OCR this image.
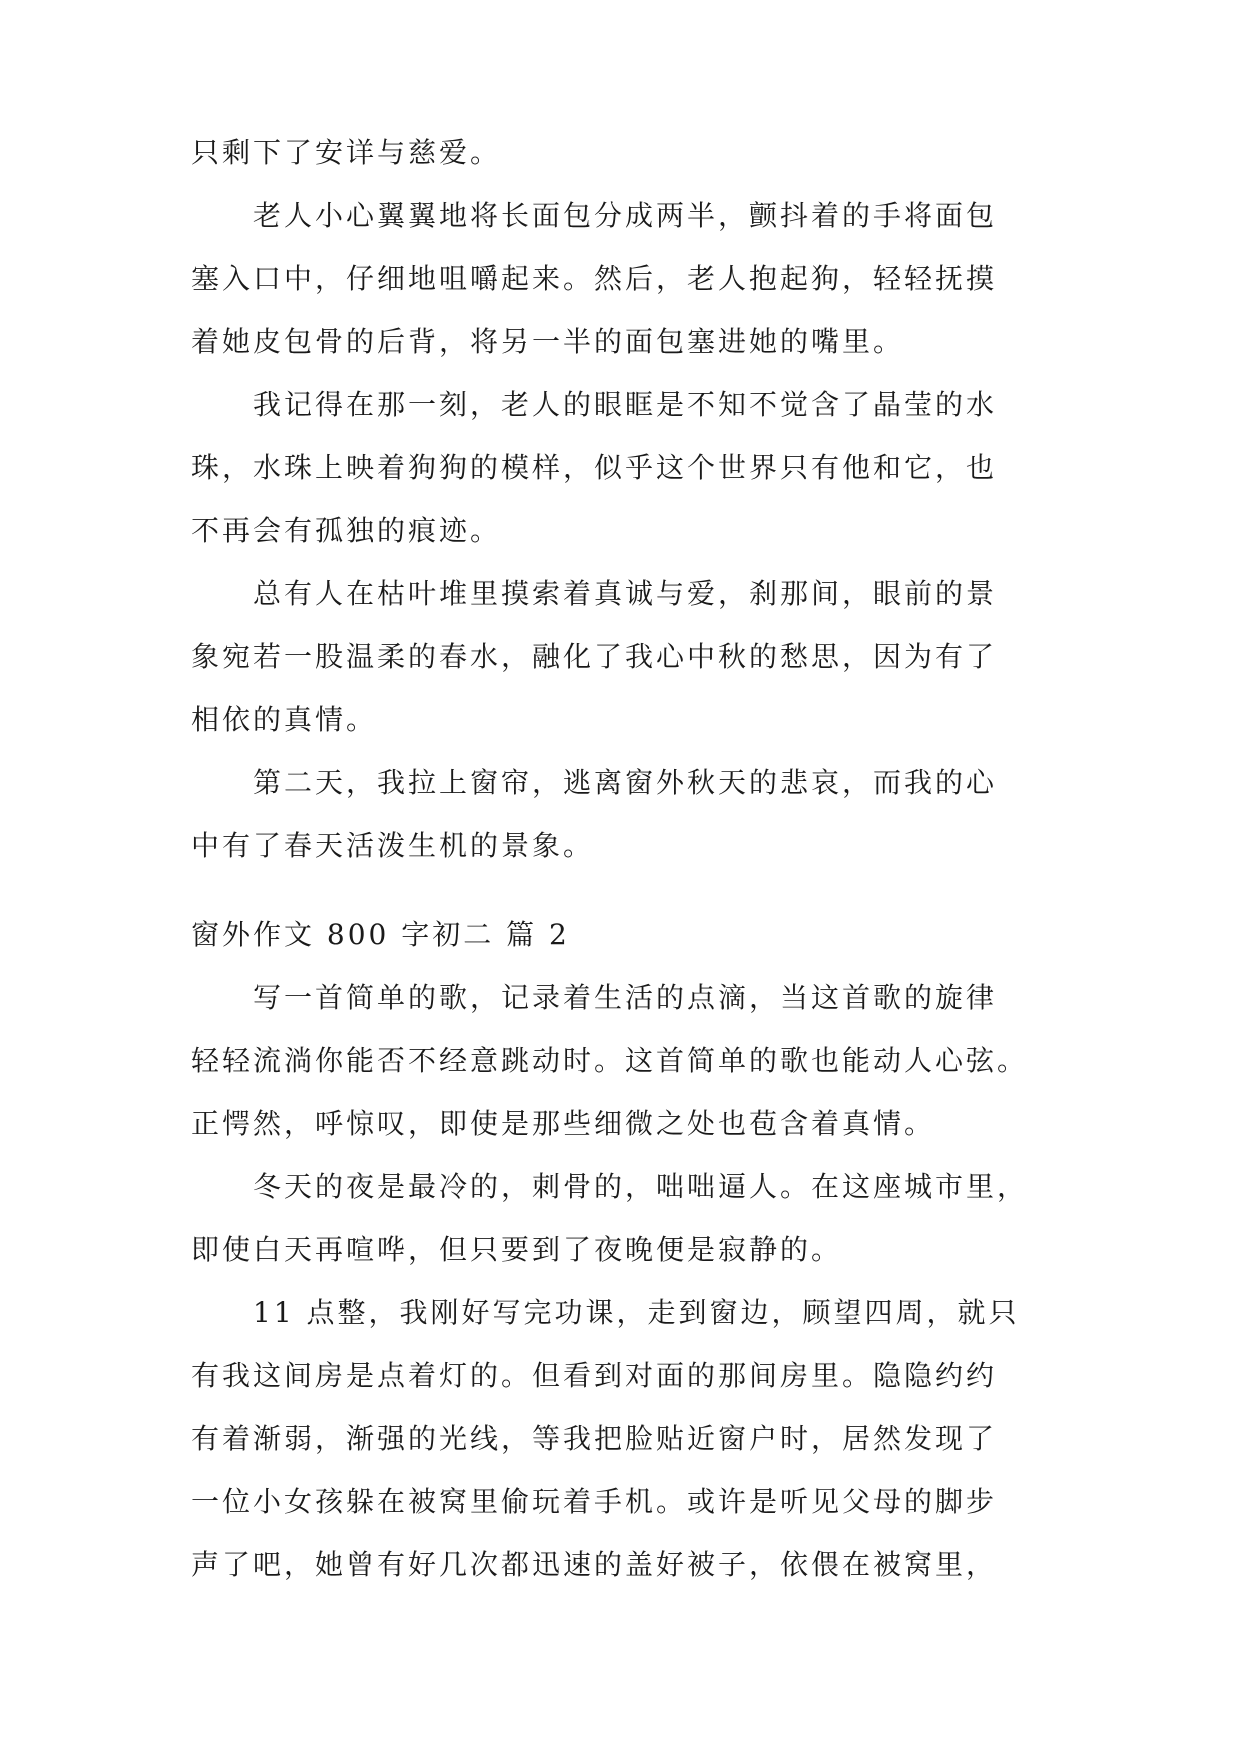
只剩下了安详与慈爱。

老人小心翼翼地将长面包分成两半，颤抖着的手将面包

塞入口中，仔细地咀嚼起来。然后，老人抱起狗，轻轻抚摸

着她皮包骨的后背，将另一半的面包塞进她的嘴里。

我记得在那一刻，老人的眼眶是不知不觉含了晶莹的水

珠，水珠上映着狗狗的模样，似乎这个世界只有他和它，也

不再会有孤独的痕迹。

总有人在枯叶堆里摸索着真诚与爱，刹那间，眼前的景

象宛若一股温柔的春水，融化了我心中秋的愁思，因为有了

相依的真情。

第二天，我拉上窗帘，逃离窗外秋天的悲哀，而我的心

中有了春天活泼生机的景象。

窗外作文 800 字初二 篇 2

写一首简单的歌，记录着生活的点滴，当这首歌的旋律

轻轻流淌你能否不经意跳动时。这首简单的歌也能动人心弦。

正愕然，呼惊叹，即使是那些细微之处也苞含着真情。

冬天的夜是最冷的，刺骨的，咄咄逼人。在这座城市里，

即使白天再喧哗，但只要到了夜晚便是寂静的。

11 点整，我刚好写完功课，走到窗边，顾望四周，就只

有我这间房是点着灯的。但看到对面的那间房里。隐隐约约

有着渐弱，渐强的光线，等我把脸贴近窗户时，居然发现了

一位小女孩躲在被窝里偷玩着手机。或许是听见父母的脚步

声了吧，她曾有好几次都迅速的盖好被子，依偎在被窝里，
